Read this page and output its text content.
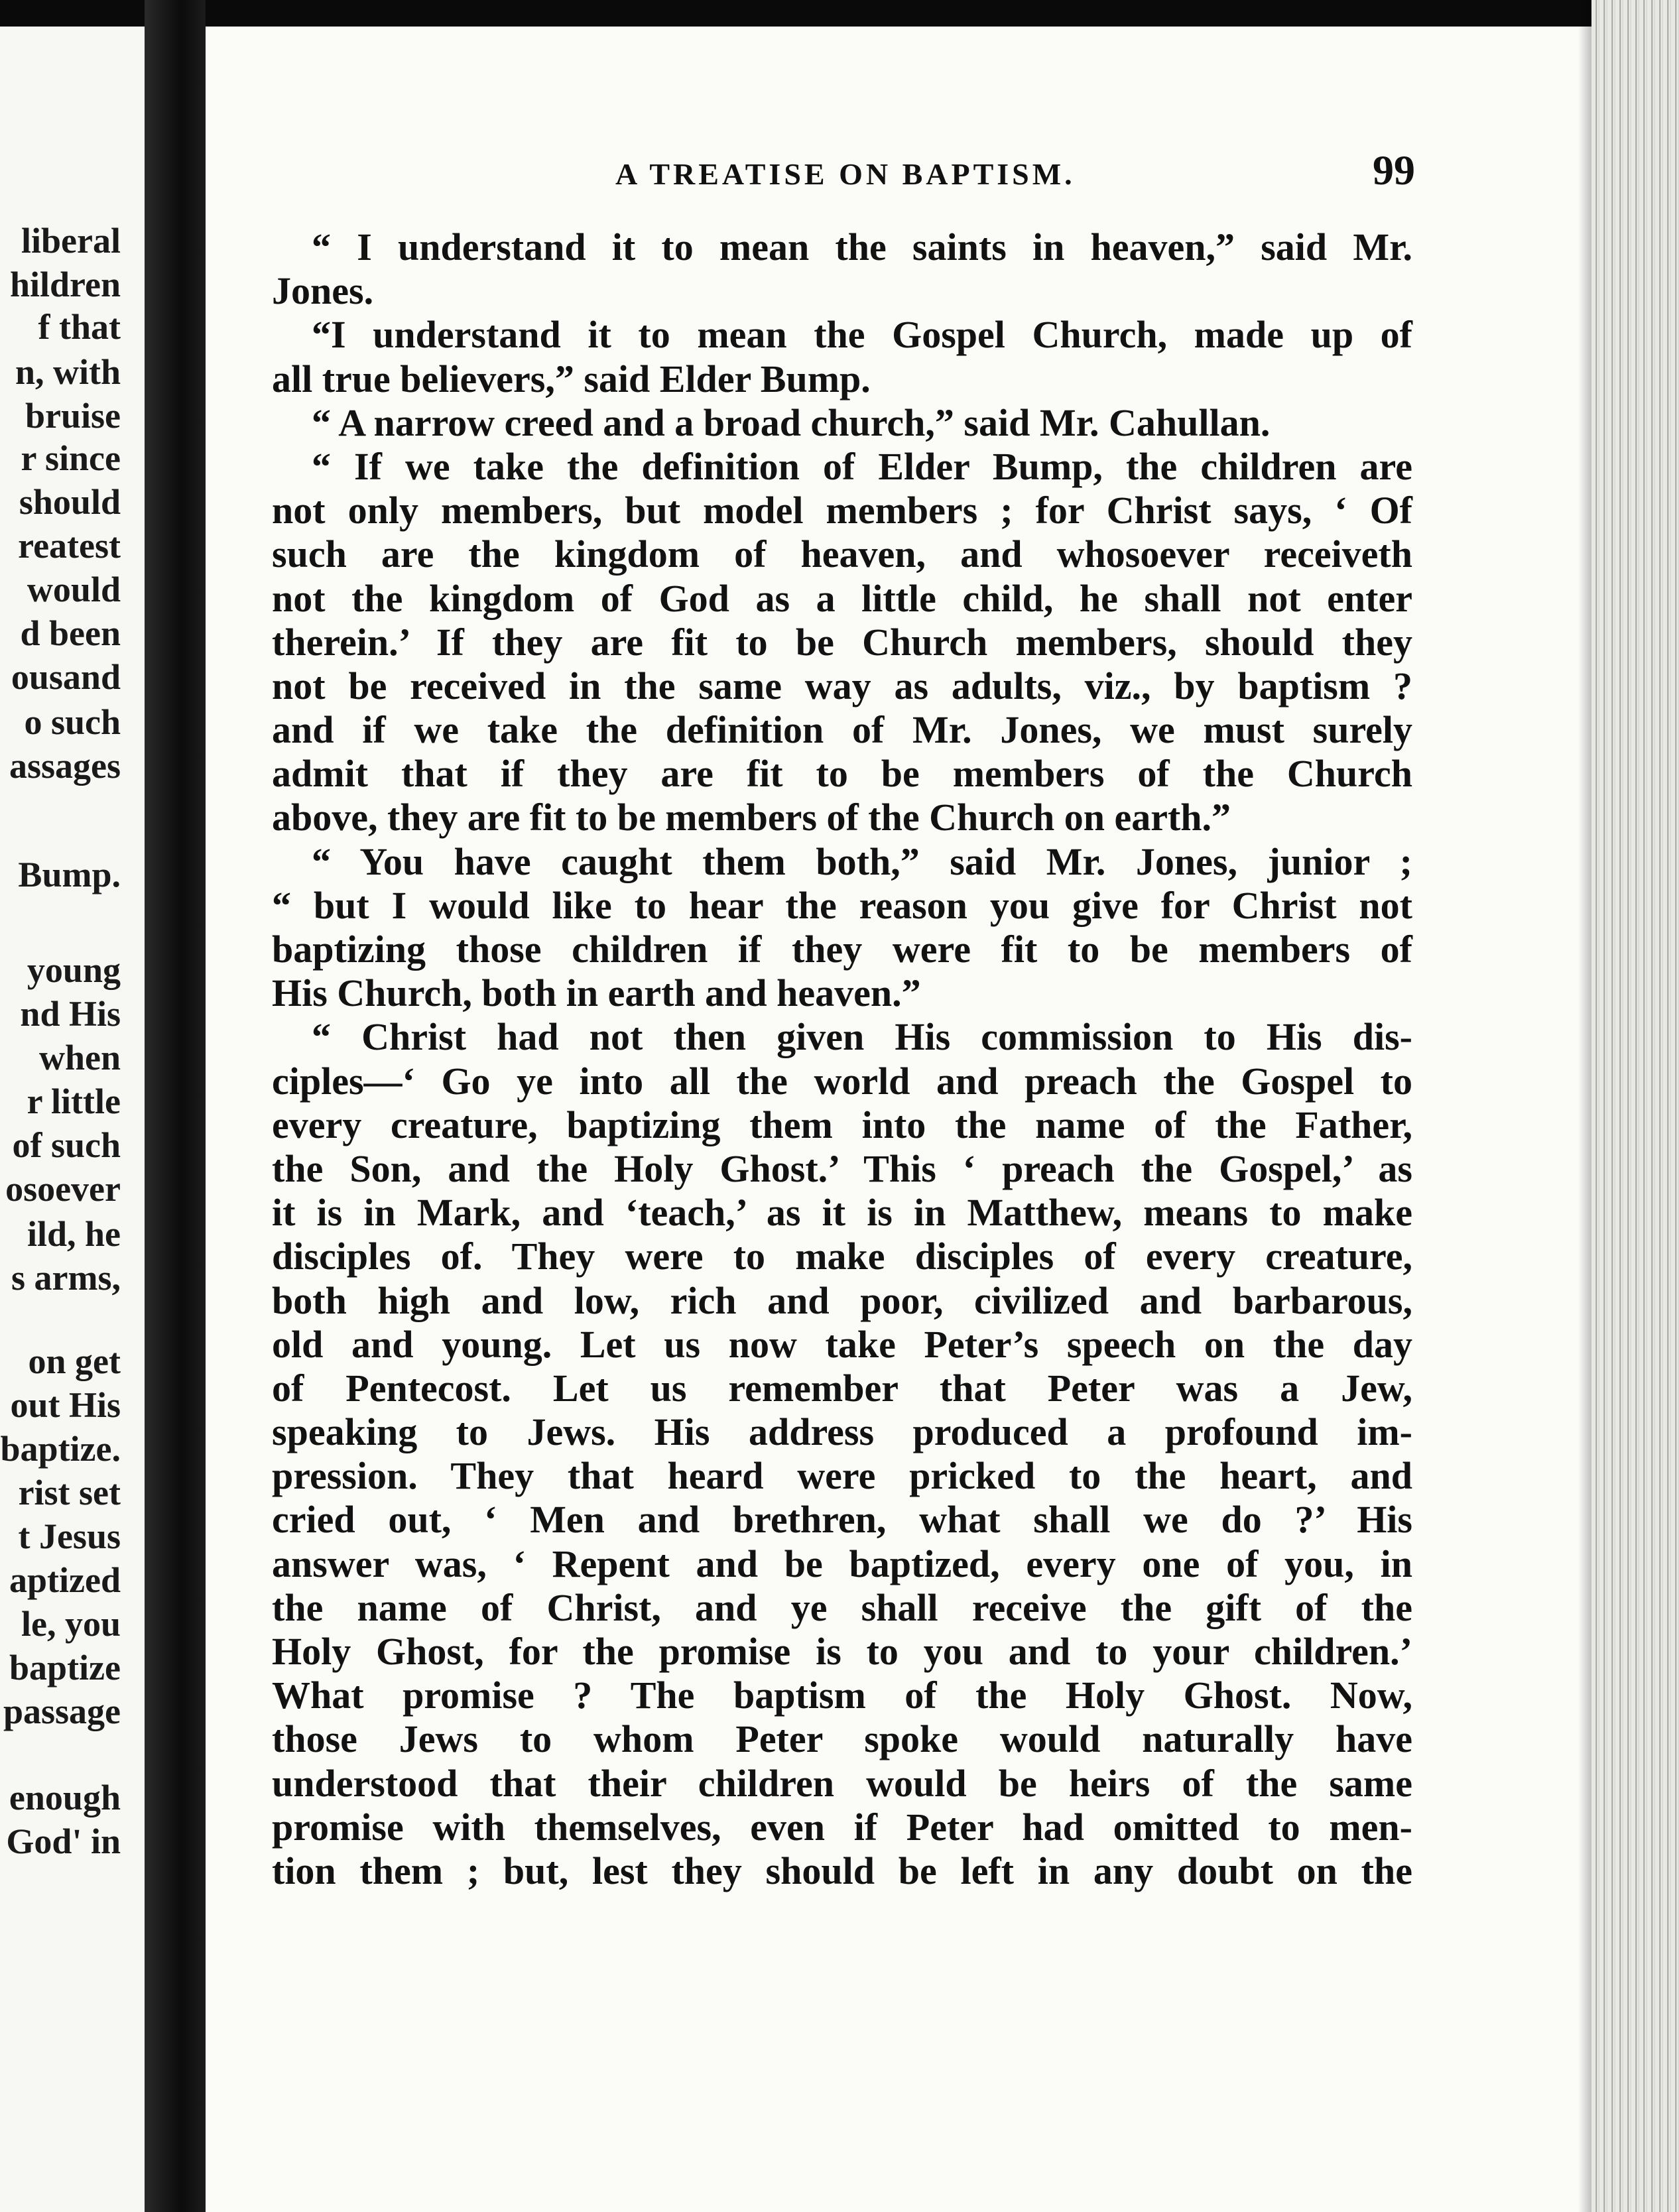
liberal
hildren
f that
n, with
bruise
r since
should
reatest
would
d been
ousand
o such
assages
Bump.
young
nd His
when
r little
of such
osoever
ild, he
s arms,
on get
out His
baptize.
rist set
t Jesus
aptized
le, you
baptize
passage
enough
God' in
A TREATISE ON BAPTISM.	99
“ I understand it to mean the saints in heaven,” said Mr.
Jones.
“I understand it to mean the Gospel Church, made up of
all true believers,” said Elder Bump.
“ A narrow creed and a broad church,” said Mr. Cahullan.
“ If we take the definition of Elder Bump, the children are
not only members, but model members ; for Christ says, ‘ Of
such are the kingdom of heaven, and whosoever receiveth
not the kingdom of God as a little child, he shall not enter
therein.’ If they are fit to be Church members, should they
not be received in the same way as adults, viz., by baptism ?
and if we take the definition of Mr. Jones, we must surely
admit that if they are fit to be members of the Church
above, they are fit to be members of the Church on earth.”
“ You have caught them both,” said Mr. Jones, junior ;
“ but I would like to hear the reason you give for Christ not
baptizing those children if they were fit to be members of
His Church, both in earth and heaven.”
“ Christ had not then given His commission to His dis-
ciples—‘ Go ye into all the world and preach the Gospel to
every creature, baptizing them into the name of the Father,
the Son, and the Holy Ghost.’ This ‘ preach the Gospel,’ as
it is in Mark, and ‘teach,’ as it is in Matthew, means to make
disciples of. They were to make disciples of every creature,
both high and low, rich and poor, civilized and barbarous,
old and young. Let us now take Peter’s speech on the day
of Pentecost. Let us remember that Peter was a Jew,
speaking to Jews. His address produced a profound im-
pression. They that heard were pricked to the heart, and
cried out, ‘ Men and brethren, what shall we do ?’ His
answer was, ‘ Repent and be baptized, every one of you, in
the name of Christ, and ye shall receive the gift of the
Holy Ghost, for the promise is to you and to your children.’
What promise ? The baptism of the Holy Ghost. Now,
those Jews to whom Peter spoke would naturally have
understood that their children would be heirs of the same
promise with themselves, even if Peter had omitted to men-
tion them ; but, lest they should be left in any doubt on the
